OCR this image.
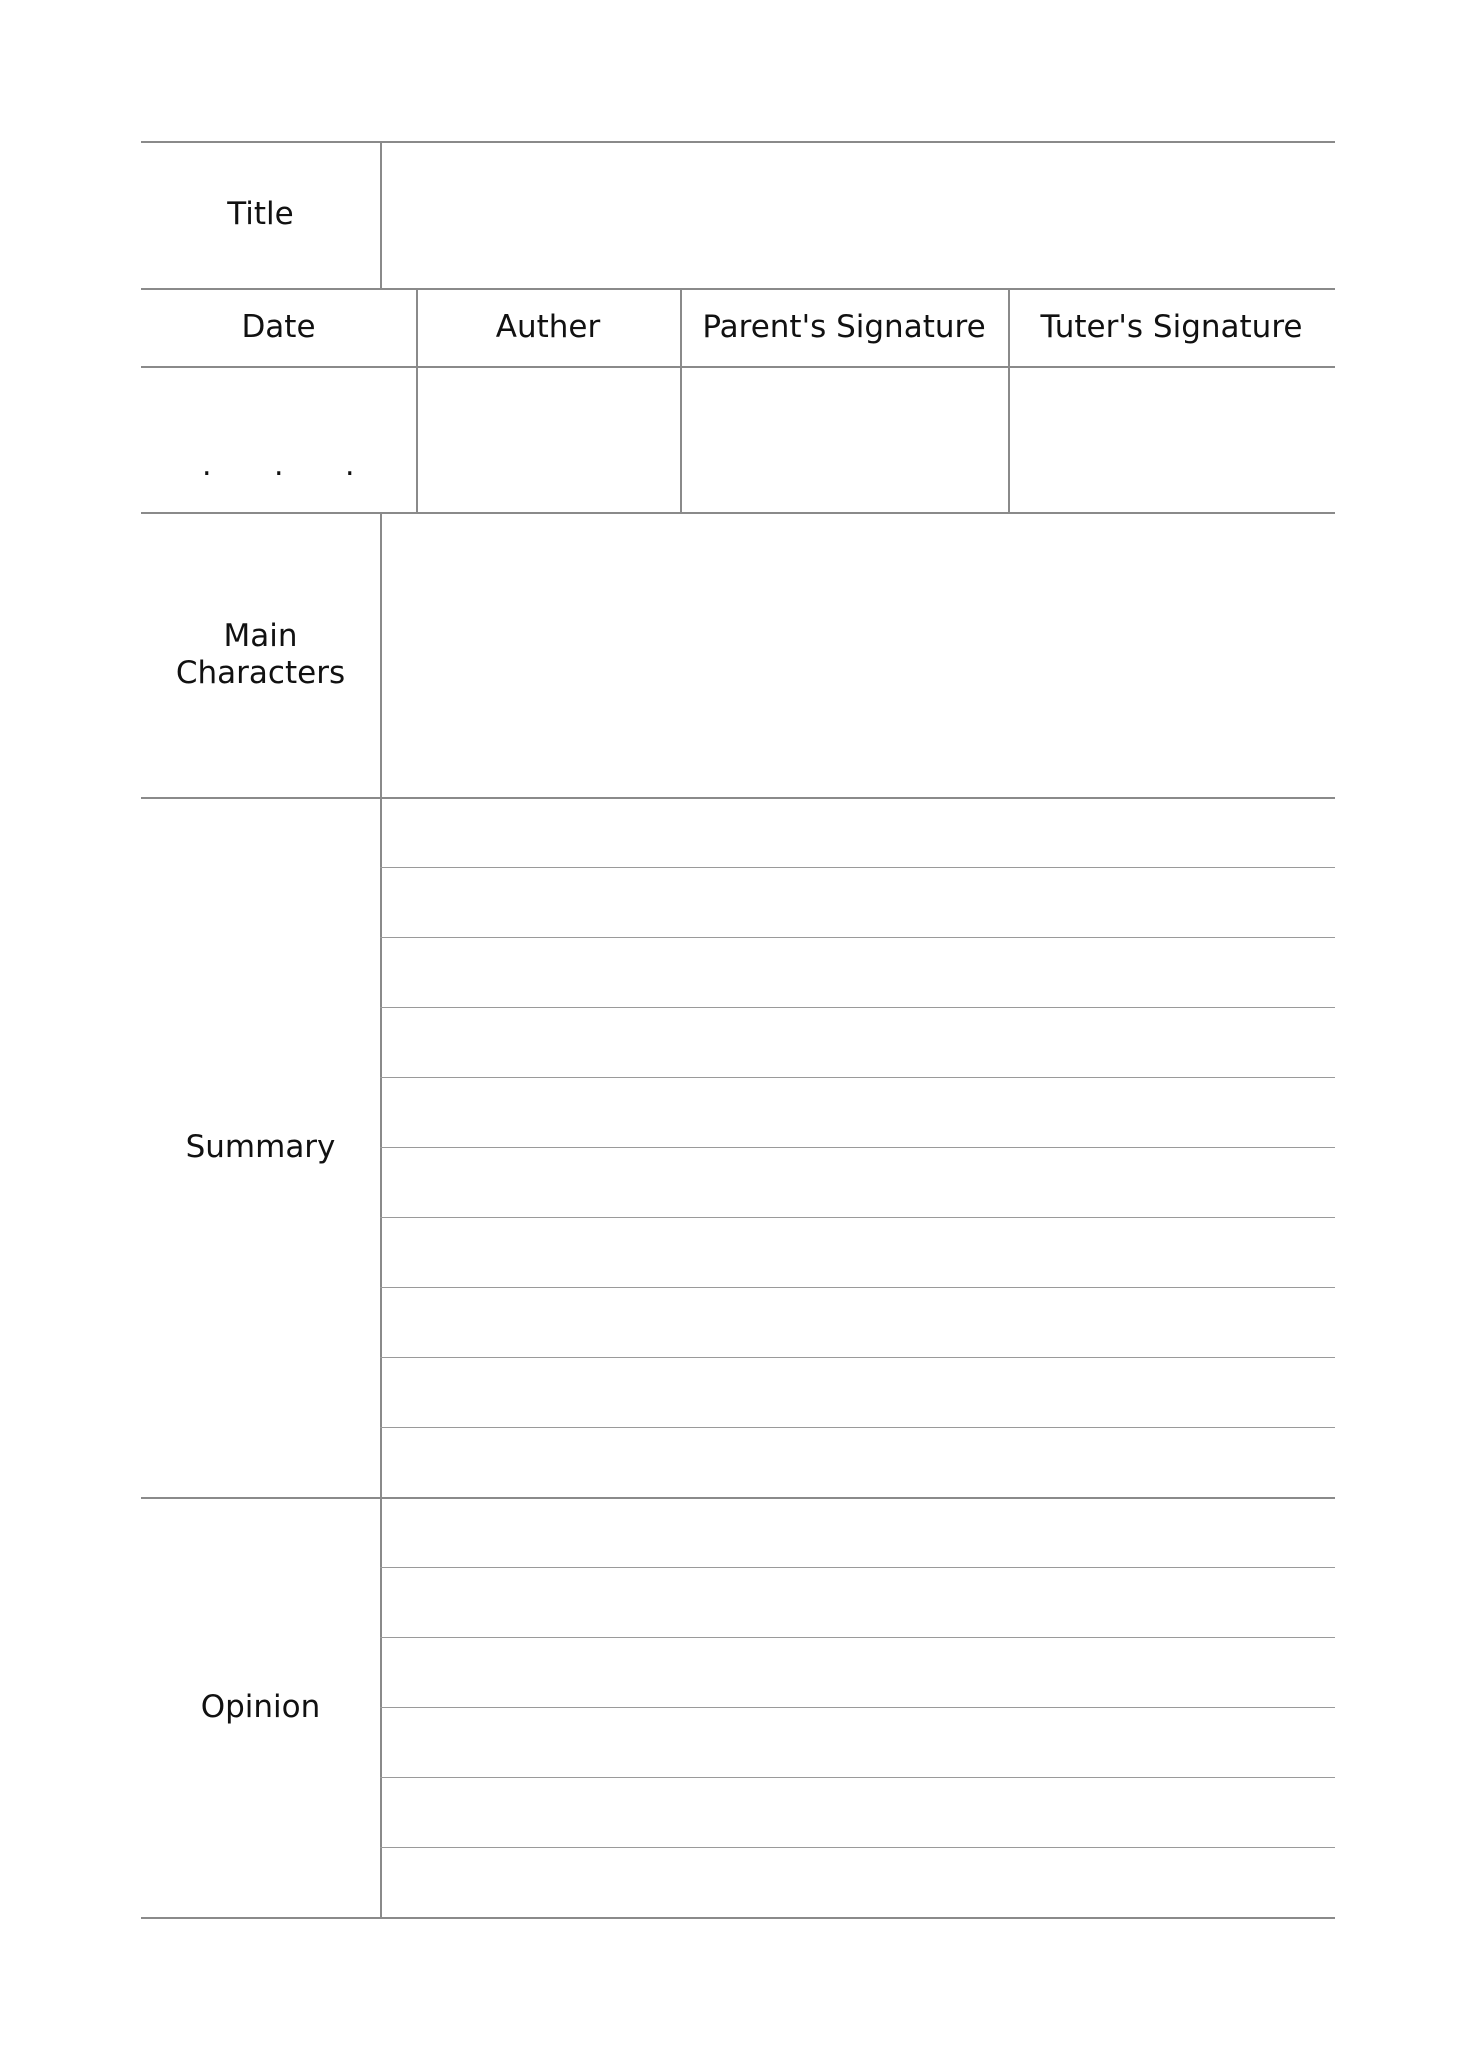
Title
Date	Auther	Parent's Signature	Tuter's Signature
. . .
Main
Characters
Summary
Opinion
